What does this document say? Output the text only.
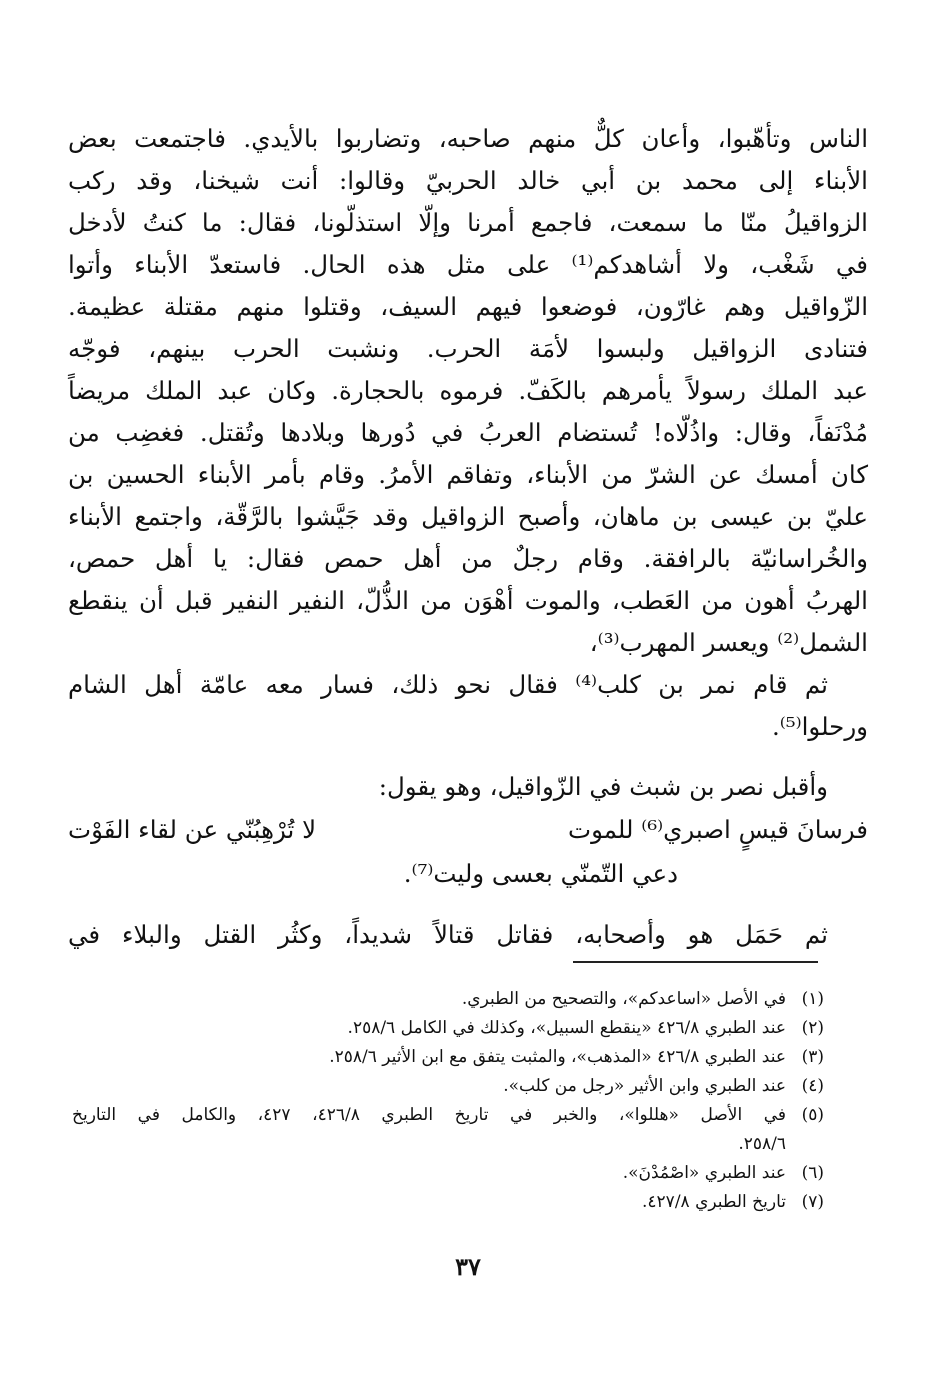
الناس وتأهّبوا، وأعان كلٌّ منهم صاحبه، وتضاربوا بالأيدي. فاجتمعت بعض
الأبناء إلى محمد بن أبي خالد الحربيّ وقالوا: أنت شيخنا، وقد ركب
الزواقيلُ منّا ما سمعت، فاجمع أمرنا وإلّا استذلّونا، فقال: ما كنتُ لأدخل
في شَغْب، ولا أشاهدكم⁽¹⁾ على مثل هذه الحال. فاستعدّ الأبناء وأتوا
الزّواقيل وهم غارّون، فوضعوا فيهم السيف، وقتلوا منهم مقتلة عظيمة.
فتنادى الزواقيل ولبسوا لأمَة الحرب. ونشبت الحرب بينهم، فوجّه
عبد الملك رسولاً يأمرهم بالكَفّ. فرموه بالحجارة. وكان عبد الملك مريضاً
مُدْنَفاً، وقال: واذُلّاه! تُستضام العربُ في دُورها وبلادها وتُقتل. فغضِب من
كان أمسك عن الشرّ من الأبناء، وتفاقم الأمرُ. وقام بأمر الأبناء الحسين بن
عليّ بن عيسى بن ماهان، وأصبح الزواقيل وقد جَيَّشوا بالرَّقّة، واجتمع الأبناء
والخُراسانيّة بالرافقة. وقام رجلٌ من أهل حمص فقال: يا أهل حمص،
الهربُ أهون من العَطب، والموت أهْوَن من الذُّلّ، النفير النفير قبل أن ينقطع
الشمل⁽²⁾ ويعسر المهرب⁽³⁾،
ثم قام نمر بن كلب⁽⁴⁾ فقال نحو ذلك، فسار معه عامّة أهل الشام
ورحلوا⁽⁵⁾.
وأقبل نصر بن شبث في الزّواقيل، وهو يقول:
فرسانَ قيسٍ اصبري⁽⁶⁾ للموت
لا تُرْهِبُنّي عن لقاء الفَوْت
دعي التّمنّي بعسى وليت⁽⁷⁾.
ثم حَمَل هو وأصحابه، فقاتل قتالاً شديداً، وكثُر القتل والبلاء في
(١)
في الأصل «اساعدكم»، والتصحيح من الطبري.
(٢)
عند الطبري ٤٢٦/٨ «ينقطع السبيل»، وكذلك في الكامل ٢٥٨/٦.
(٣)
عند الطبري ٤٢٦/٨ «المذهب»، والمثبت يتفق مع ابن الأثير ٢٥٨/٦.
(٤)
عند الطبري وابن الأثير «رجل من كلب».
(٥)
في الأصل «هللوا»، والخبر في تاريخ الطبري ٤٢٦/٨، ٤٢٧، والكامل في التاريخ
٢٥٨/٦.
(٦)
عند الطبري «اصْمُدْنَ».
(٧)
تاريخ الطبري ٤٢٧/٨.
٣٧
